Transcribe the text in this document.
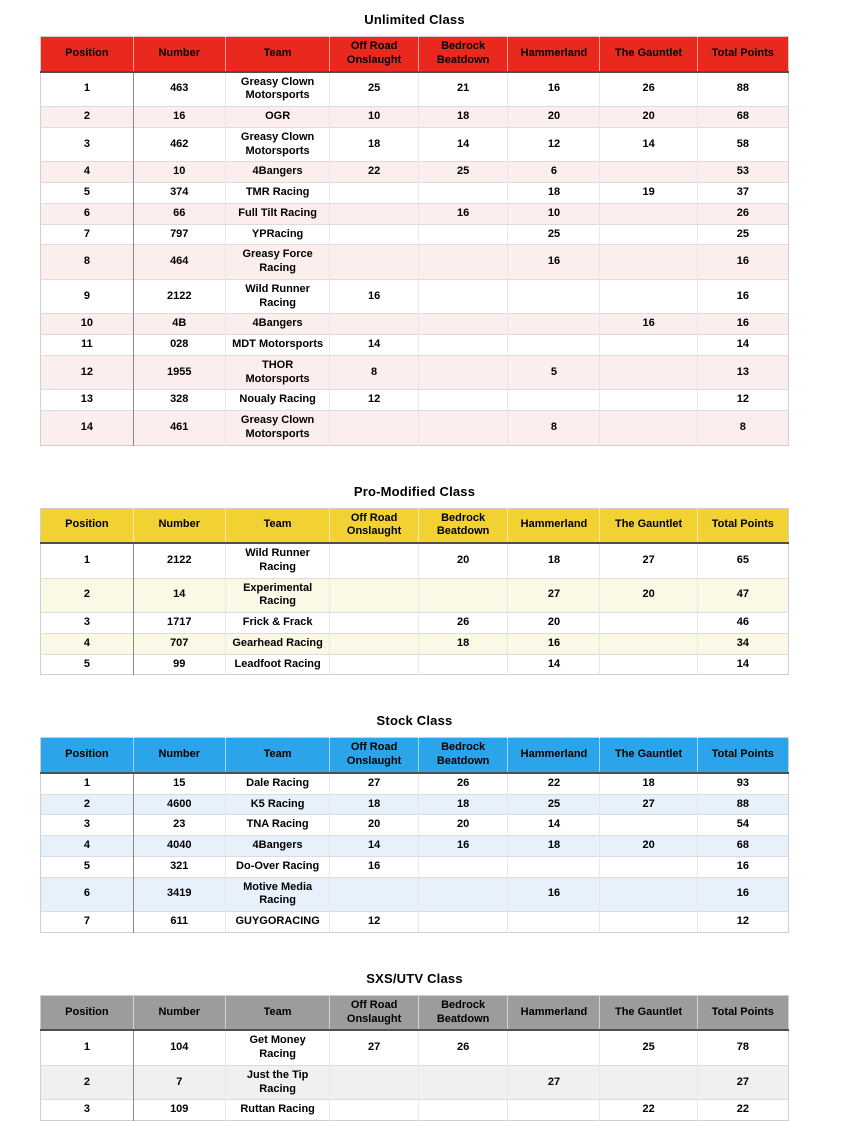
Unlimited Class
Position	Number	Team	Off Road Onslaught	Bedrock Beatdown	Hammerland	The Gauntlet	Total Points
1	463	Greasy Clown Motorsports	25	21	16	26	88
2	16	OGR	10	18	20	20	68
3	462	Greasy Clown Motorsports	18	14	12	14	58
4	10	4Bangers	22	25	6		53
5	374	TMR Racing			18	19	37
6	66	Full Tilt Racing		16	10		26
7	797	YPRacing			25		25
8	464	Greasy Force Racing			16		16
9	2122	Wild Runner Racing	16				16
10	4B	4Bangers				16	16
11	028	MDT Motorsports	14				14
12	1955	THOR Motorsports	8		5		13
13	328	Noualy Racing	12				12
14	461	Greasy Clown Motorsports			8		8
Pro-Modified Class
Position	Number	Team	Off Road Onslaught	Bedrock Beatdown	Hammerland	The Gauntlet	Total Points
1	2122	Wild Runner Racing		20	18	27	65
2	14	Experimental Racing			27	20	47
3	1717	Frick & Frack		26	20		46
4	707	Gearhead Racing		18	16		34
5	99	Leadfoot Racing			14		14
Stock Class
Position	Number	Team	Off Road Onslaught	Bedrock Beatdown	Hammerland	The Gauntlet	Total Points
1	15	Dale Racing	27	26	22	18	93
2	4600	K5 Racing	18	18	25	27	88
3	23	TNA Racing	20	20	14		54
4	4040	4Bangers	14	16	18	20	68
5	321	Do-Over Racing	16				16
6	3419	Motive Media Racing			16		16
7	611	GUYGORACING	12				12
SXS/UTV Class
Position	Number	Team	Off Road Onslaught	Bedrock Beatdown	Hammerland	The Gauntlet	Total Points
1	104	Get Money Racing	27	26		25	78
2	7	Just the Tip Racing			27		27
3	109	Ruttan Racing				22	22
